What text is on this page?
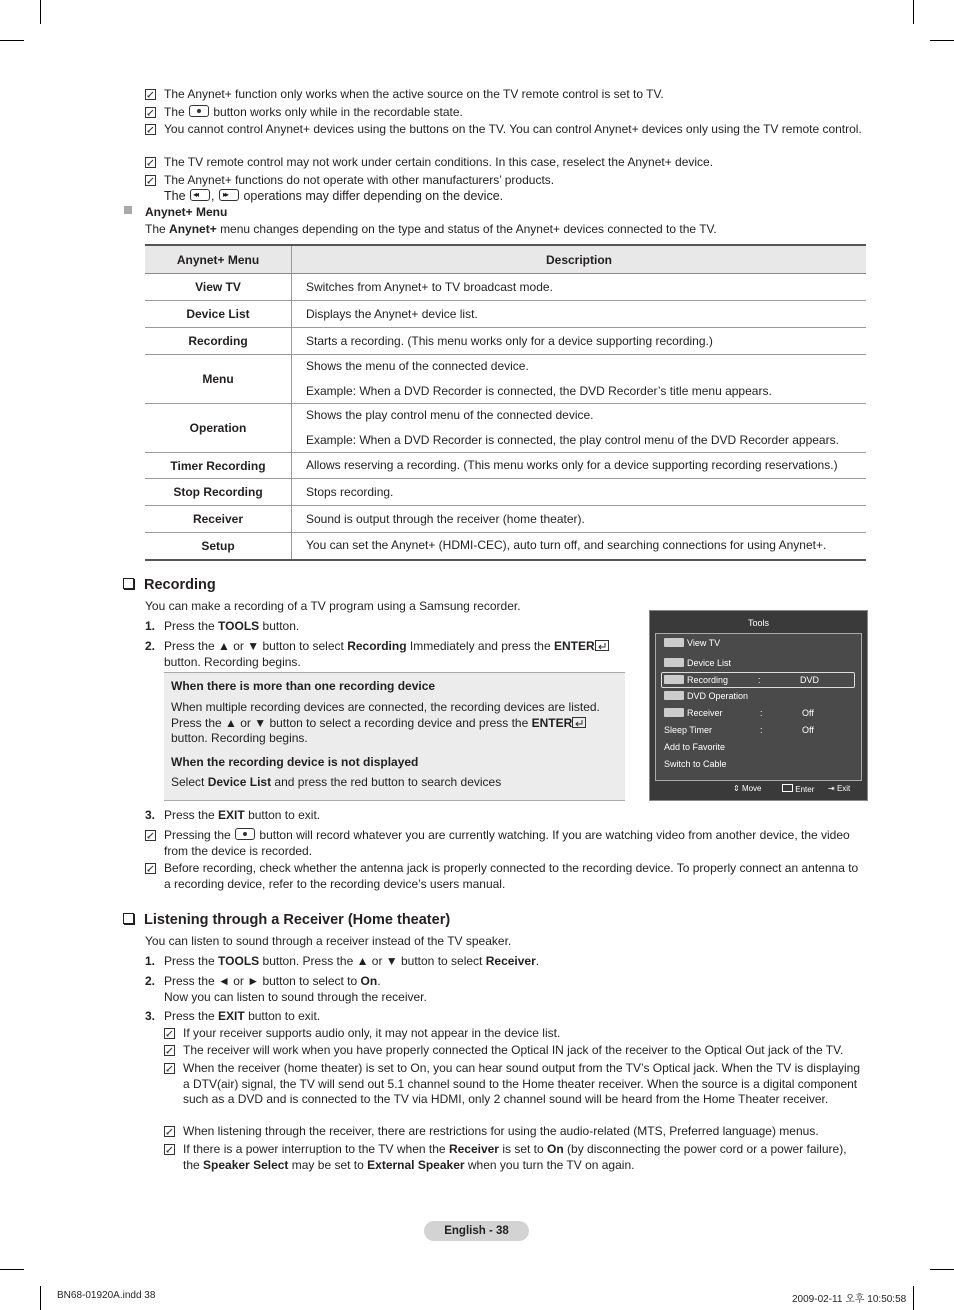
The Anynet+ function only works when the active source on the TV remote control is set to TV.
The button works only while in the recordable state.
You cannot control Anynet+ devices using the buttons on the TV. You can control Anynet+ devices only using the TV remote control.
The TV remote control may not work under certain conditions. In this case, reselect the Anynet+ device.
The Anynet+ functions do not operate with other manufacturers’ products.
The ◂◂ , ▸▸ operations may differ depending on the device.
Anynet+ Menu
The Anynet+ menu changes depending on the type and status of the Anynet+ devices connected to the TV.
Anynet+ Menu	Description
View TV	Switches from Anynet+ to TV broadcast mode.
Device List	Displays the Anynet+ device list.
Recording	Starts a recording. (This menu works only for a device supporting recording.)
Menu	Shows the menu of the connected device.
Example: When a DVD Recorder is connected, the DVD Recorder’s title menu appears.

Operation	Shows the play control menu of the connected device.
Example: When a DVD Recorder is connected, the play control menu of the DVD Recorder appears.

Timer Recording	Allows reserving a recording. (This menu works only for a device supporting recording reservations.)
Stop Recording	Stops recording.
Receiver	Sound is output through the receiver (home theater).
Setup	You can set the Anynet+ (HDMI-CEC), auto turn off, and searching connections for using Anynet+.
Recording
You can make a recording of a TV program using a Samsung recorder.
1. Press the TOOLS button.
2. Press the ▲ or ▼ button to select Recording Immediately and press the ENTER
button. Recording begins.
When there is more than one recording device
When multiple recording devices are connected, the recording devices are listed. Press the ▲ or ▼ button to select a recording device and press the ENTER button. Recording begins.
When the recording device is not displayed
Select Device List and press the red button to search devices
Tools
View TV
Device List
Recording	:	DVD
DVD Operation
Receiver	:	Off
Sleep Timer	:	Off
Add to Favorite
Switch to Cable
⇕ Move	Enter ⇥ Exit
3. Press the EXIT button to exit.
Pressing the button will record whatever you are currently watching. If you are watching video from another device, the video from the device is recorded.
Before recording, check whether the antenna jack is properly connected to the recording device. To properly connect an antenna to a recording device, refer to the recording device’s users manual.
Listening through a Receiver (Home theater)
You can listen to sound through a receiver instead of the TV speaker.
1. Press the TOOLS button. Press the ▲ or ▼ button to select Receiver.
2. Press the ◄ or ► button to select to On.
Now you can listen to sound through the receiver.
3. Press the EXIT button to exit.
If your receiver supports audio only, it may not appear in the device list.
The receiver will work when you have properly connected the Optical IN jack of the receiver to the Optical Out jack of the TV.
When the receiver (home theater) is set to On, you can hear sound output from the TV’s Optical jack. When the TV is displaying a DTV(air) signal, the TV will send out 5.1 channel sound to the Home theater receiver. When the source is a digital component such as a DVD and is connected to the TV via HDMI, only 2 channel sound will be heard from the Home Theater receiver.
When listening through the receiver, there are restrictions for using the audio-related (MTS, Preferred language) menus.
If there is a power interruption to the TV when the Receiver is set to On (by disconnecting the power cord or a power failure), the Speaker Select may be set to External Speaker when you turn the TV on again.
English - 38
BN68-01920A.indd 38	2009-02-11 오후 10:50:58
